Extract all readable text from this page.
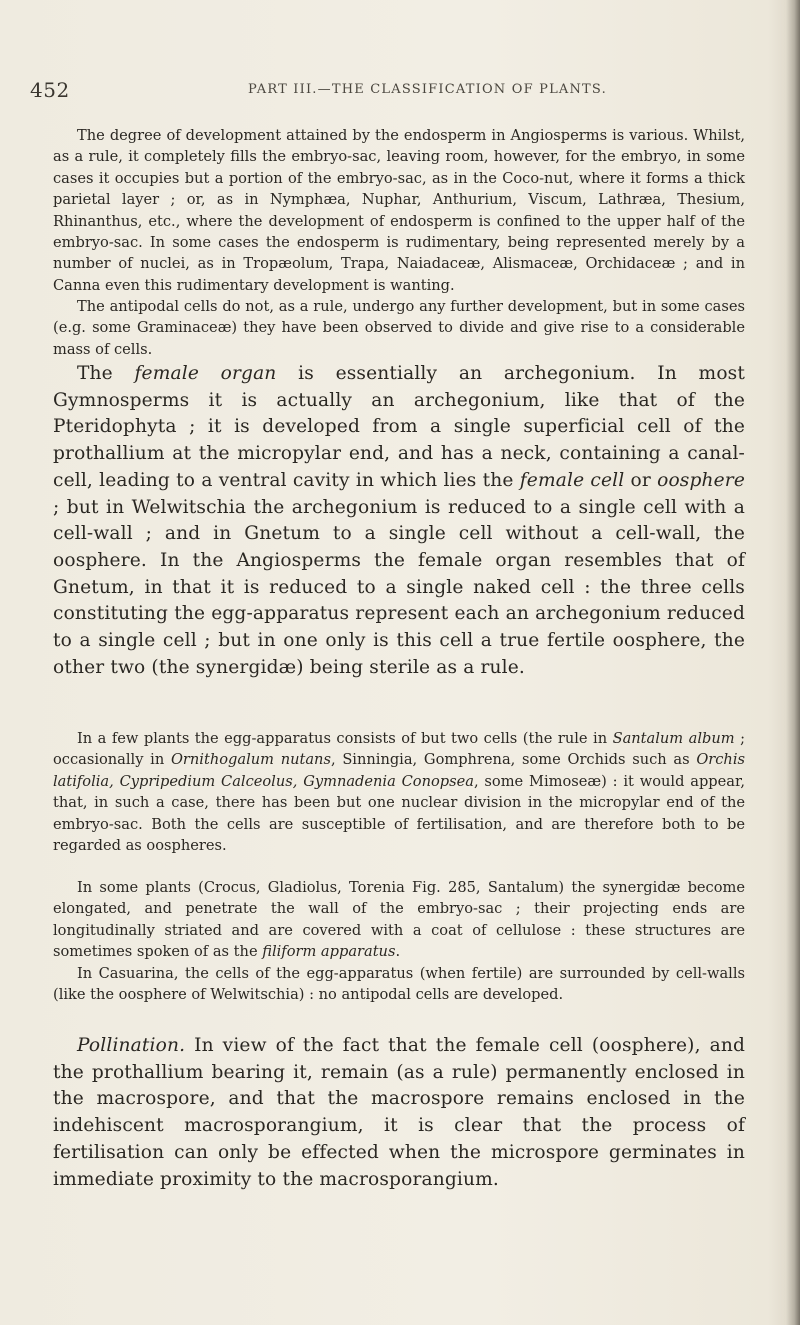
452	PART III.—THE CLASSIFICATION OF PLANTS.

The degree of development attained by the endosperm in Angiosperms is various. Whilst, as a rule, it completely fills the embryo-sac, leaving room, however, for the embryo, in some cases it occupies but a portion of the embryo-sac, as in the Coco-nut, where it forms a thick parietal layer ; or, as in Nymphæa, Nuphar, Anthurium, Viscum, Lathræa, Thesium, Rhinanthus, etc., where the development of endosperm is confined to the upper half of the embryo-sac. In some cases the endosperm is rudimentary, being represented merely by a number of nuclei, as in Tropæolum, Trapa, Naiadaceæ, Alismaceæ, Orchidaceæ ; and in Canna even this rudimentary development is wanting.

The antipodal cells do not, as a rule, undergo any further development, but in some cases (e.g. some Graminaceæ) they have been observed to divide and give rise to a considerable mass of cells.

The female organ is essentially an archegonium. In most Gymnosperms it is actually an archegonium, like that of the Pteridophyta ; it is developed from a single superficial cell of the prothallium at the micropylar end, and has a neck, containing a canal-cell, leading to a ventral cavity in which lies the female cell or oosphere ; but in Welwitschia the archegonium is reduced to a single cell with a cell-wall ; and in Gnetum to a single cell without a cell-wall, the oosphere. In the Angiosperms the female organ resembles that of Gnetum, in that it is reduced to a single naked cell : the three cells constituting the egg-apparatus represent each an archegonium reduced to a single cell ; but in one only is this cell a true fertile oosphere, the other two (the synergidæ) being sterile as a rule.

In a few plants the egg-apparatus consists of but two cells (the rule in Santalum album ; occasionally in Ornithogalum nutans, Sinningia, Gomphrena, some Orchids such as Orchis latifolia, Cypripedium Calceolus, Gymnadenia Conopsea, some Mimoseæ) : it would appear, that, in such a case, there has been but one nuclear division in the micropylar end of the embryo-sac. Both the cells are susceptible of fertilisation, and are therefore both to be regarded as oospheres.

In some plants (Crocus, Gladiolus, Torenia Fig. 285, Santalum) the synergidæ become elongated, and penetrate the wall of the embryo-sac ; their projecting ends are longitudinally striated and are covered with a coat of cellulose : these structures are sometimes spoken of as the filiform apparatus.

In Casuarina, the cells of the egg-apparatus (when fertile) are surrounded by cell-walls (like the oosphere of Welwitschia) : no antipodal cells are developed.

Pollination. In view of the fact that the female cell (oosphere), and the prothallium bearing it, remain (as a rule) permanently enclosed in the macrospore, and that the macrospore remains enclosed in the indehiscent macrosporangium, it is clear that the process of fertilisation can only be effected when the microspore germinates in immediate proximity to the macrosporangium.
